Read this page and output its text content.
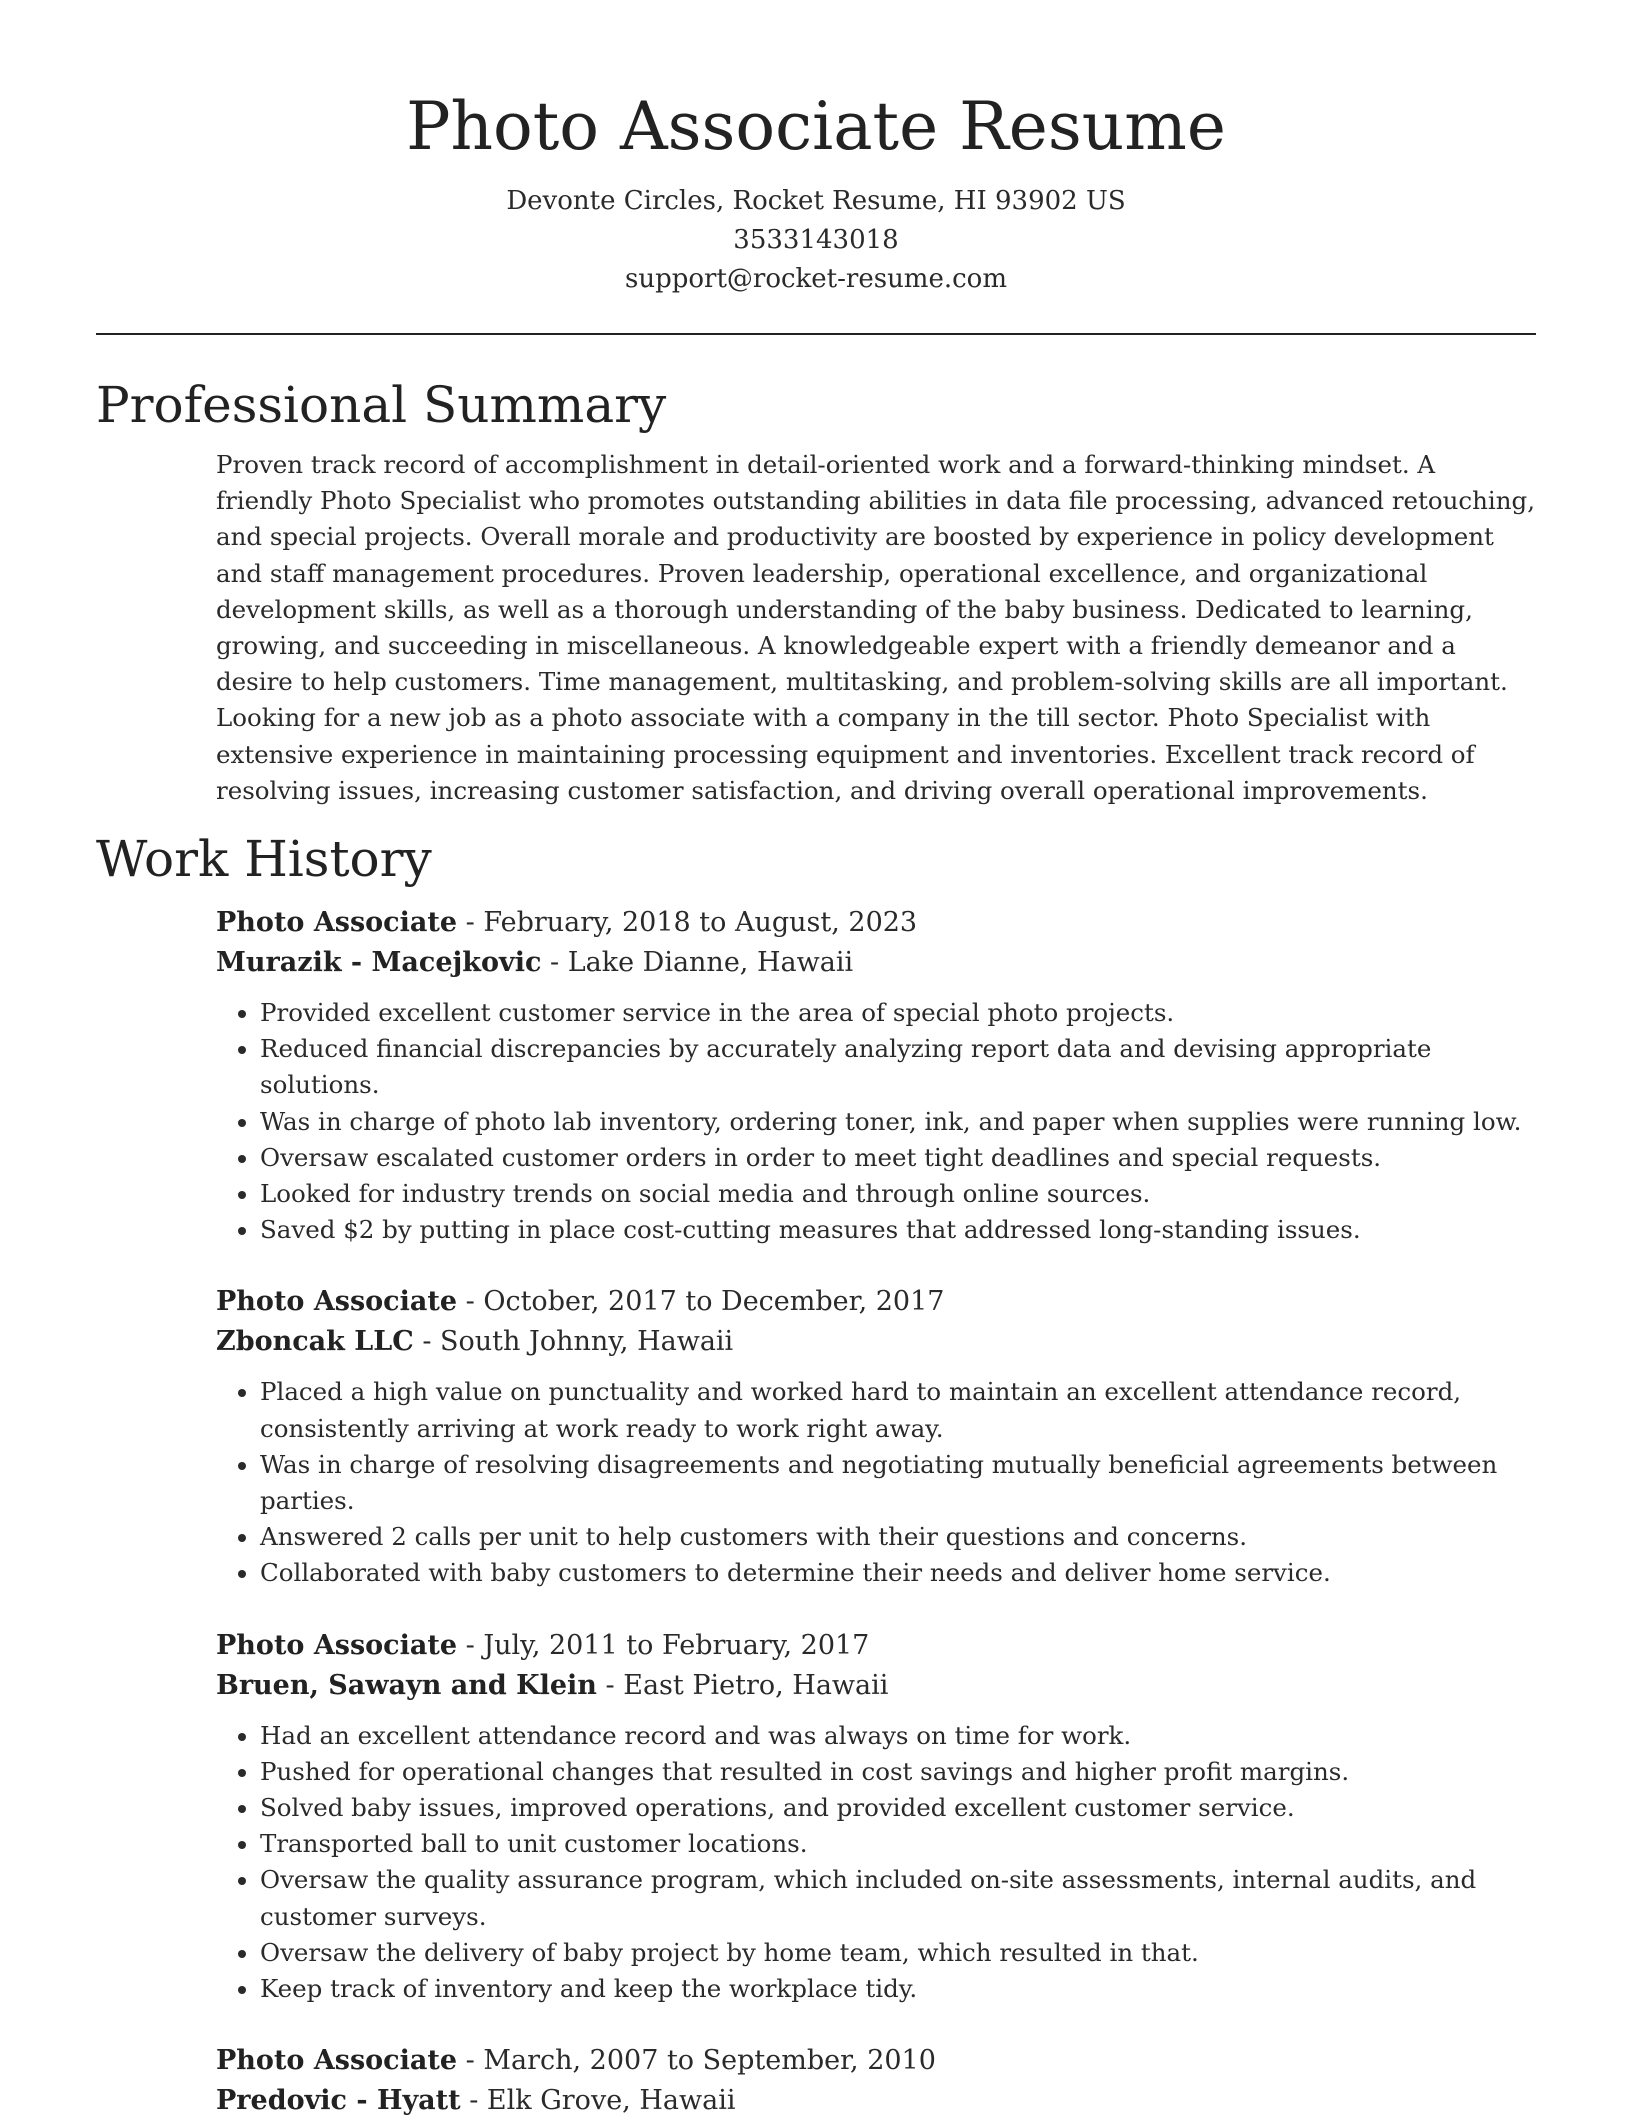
Photo Associate Resume
Devonte Circles, Rocket Resume, HI 93902 US
3533143018
support@rocket-resume.com
Professional Summary

Proven track record of accomplishment in detail-oriented work and a forward-thinking mindset. A friendly Photo Specialist who promotes outstanding abilities in data file processing, advanced retouching, and special projects. Overall morale and productivity are boosted by experience in policy development and staff management procedures. Proven leadership, operational excellence, and organizational development skills, as well as a thorough understanding of the baby business. Dedicated to learning, growing, and succeeding in miscellaneous. A knowledgeable expert with a friendly demeanor and a desire to help customers. Time management, multitasking, and problem-solving skills are all important. Looking for a new job as a photo associate with a company in the till sector. Photo Specialist with extensive experience in maintaining processing equipment and inventories. Excellent track record of resolving issues, increasing customer satisfaction, and driving overall operational improvements.

Work History
Photo Associate - February, 2018 to August, 2023
Murazik - Macejkovic - Lake Dianne, Hawaii
• Provided excellent customer service in the area of special photo projects.
• Reduced financial discrepancies by accurately analyzing report data and devising appropriate solutions.
• Was in charge of photo lab inventory, ordering toner, ink, and paper when supplies were running low.
• Oversaw escalated customer orders in order to meet tight deadlines and special requests.
• Looked for industry trends on social media and through online sources.
• Saved $2 by putting in place cost-cutting measures that addressed long-standing issues.
Photo Associate - October, 2017 to December, 2017
Zboncak LLC - South Johnny, Hawaii
• Placed a high value on punctuality and worked hard to maintain an excellent attendance record, consistently arriving at work ready to work right away.
• Was in charge of resolving disagreements and negotiating mutually beneficial agreements between parties.
• Answered 2 calls per unit to help customers with their questions and concerns.
• Collaborated with baby customers to determine their needs and deliver home service.
Photo Associate - July, 2011 to February, 2017
Bruen, Sawayn and Klein - East Pietro, Hawaii
• Had an excellent attendance record and was always on time for work.
• Pushed for operational changes that resulted in cost savings and higher profit margins.
• Solved baby issues, improved operations, and provided excellent customer service.
• Transported ball to unit customer locations.
• Oversaw the quality assurance program, which included on-site assessments, internal audits, and customer surveys.
• Oversaw the delivery of baby project by home team, which resulted in that.
• Keep track of inventory and keep the workplace tidy.
Photo Associate - March, 2007 to September, 2010
Predovic - Hyatt - Elk Grove, Hawaii
